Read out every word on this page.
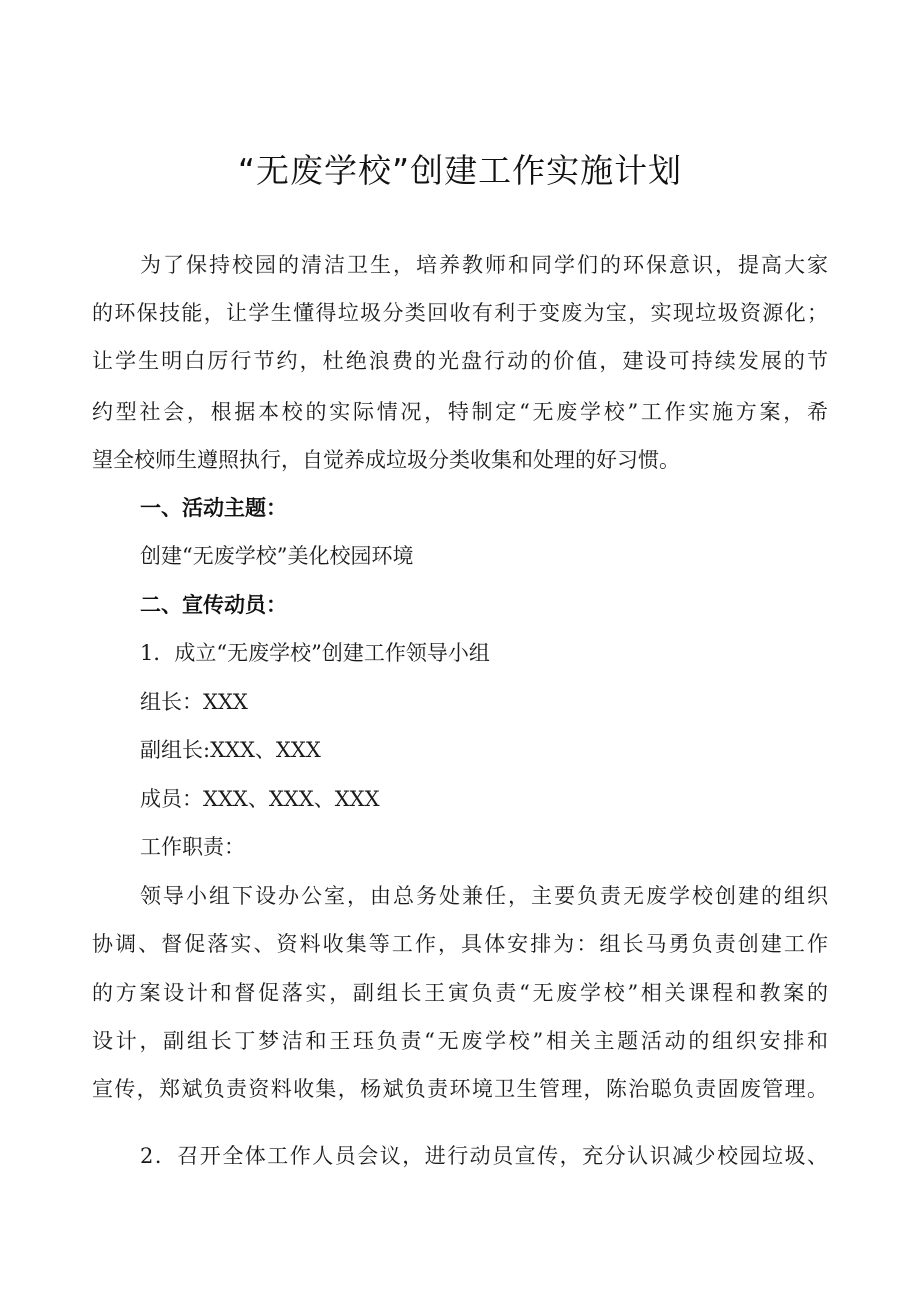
“无废学校”创建工作实施计划
为了保持校园的清洁卫生，培养教师和同学们的环保意识，提高大家
的环保技能，让学生懂得垃圾分类回收有利于变废为宝，实现垃圾资源化；
让学生明白厉行节约，杜绝浪费的光盘行动的价值，建设可持续发展的节
约型社会，根据本校的实际情况，特制定“无废学校”工作实施方案，希
望全校师生遵照执行，自觉养成垃圾分类收集和处理的好习惯。
一、活动主题：
创建“无废学校”美化校园环境
二、宣传动员：
1．成立“无废学校”创建工作领导小组
组长：XXX
副组长:XXX、XXX
成员：XXX、XXX、XXX
工作职责：
领导小组下设办公室，由总务处兼任，主要负责无废学校创建的组织
协调、督促落实、资料收集等工作，具体安排为：组长马勇负责创建工作
的方案设计和督促落实，副组长王寅负责“无废学校”相关课程和教案的
设计，副组长丁梦洁和王珏负责“无废学校”相关主题活动的组织安排和
宣传，郑斌负责资料收集，杨斌负责环境卫生管理，陈治聪负责固废管理。
2．召开全体工作人员会议，进行动员宣传，充分认识减少校园垃圾、
